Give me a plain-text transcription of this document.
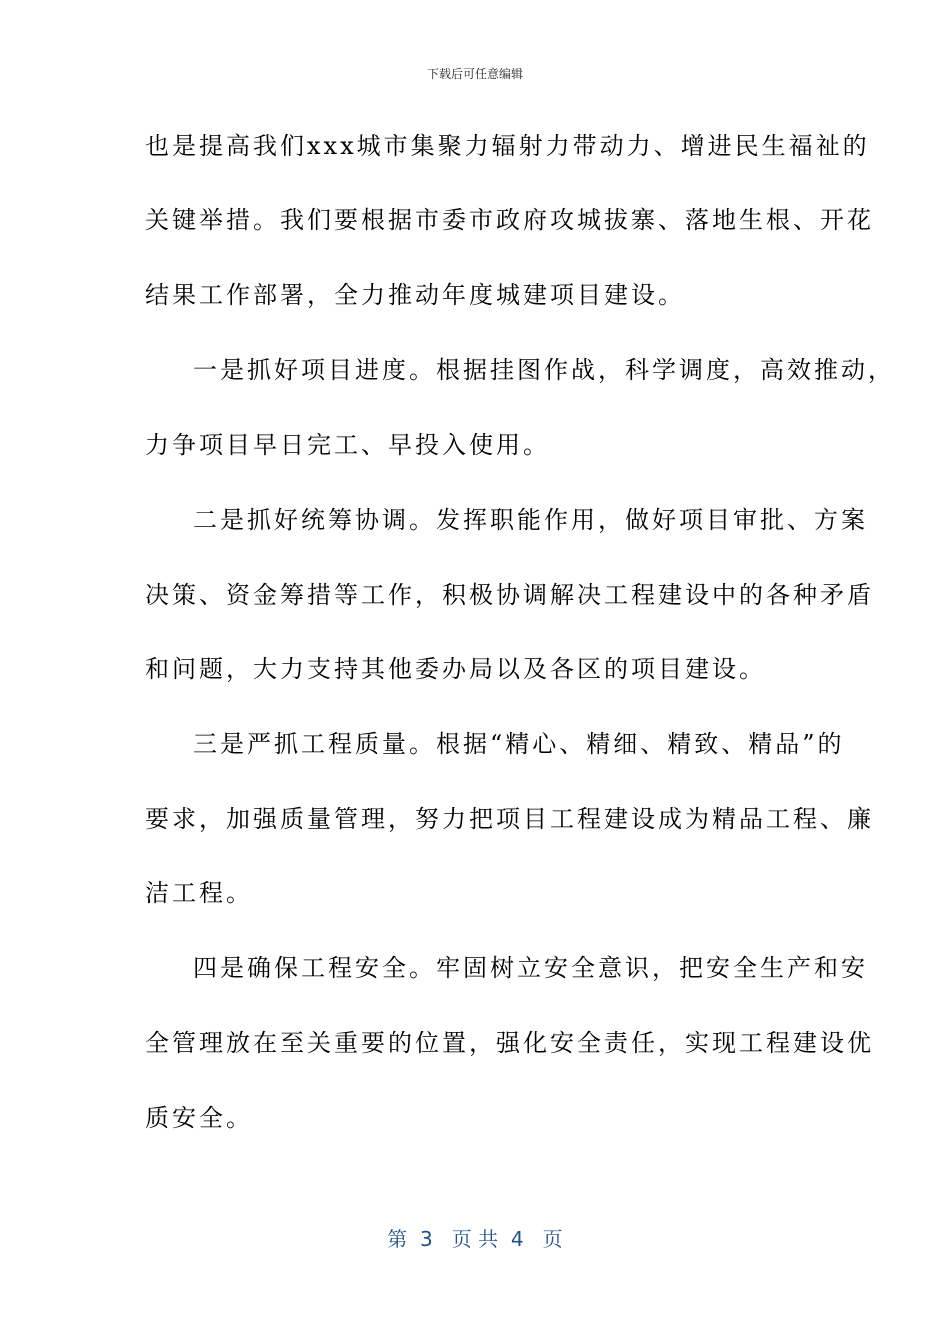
下载后可任意编辑
也是提高我们xxx城市集聚力辐射力带动力、增进民生福祉的
关键举措。我们要根据市委市政府攻城拔寨、落地生根、开花
结果工作部署，全力推动年度城建项目建设。
一是抓好项目进度。根据挂图作战，科学调度，高效推动，
力争项目早日完工、早投入使用。
二是抓好统筹协调。发挥职能作用，做好项目审批、方案
决策、资金筹措等工作，积极协调解决工程建设中的各种矛盾
和问题，大力支持其他委办局以及各区的项目建设。
三是严抓工程质量。根据“精心、精细、精致、精品”的
要求，加强质量管理，努力把项目工程建设成为精品工程、廉
洁工程。
四是确保工程安全。牢固树立安全意识，把安全生产和安
全管理放在至关重要的位置，强化安全责任，实现工程建设优
质安全。
第  3   页 共  4   页
